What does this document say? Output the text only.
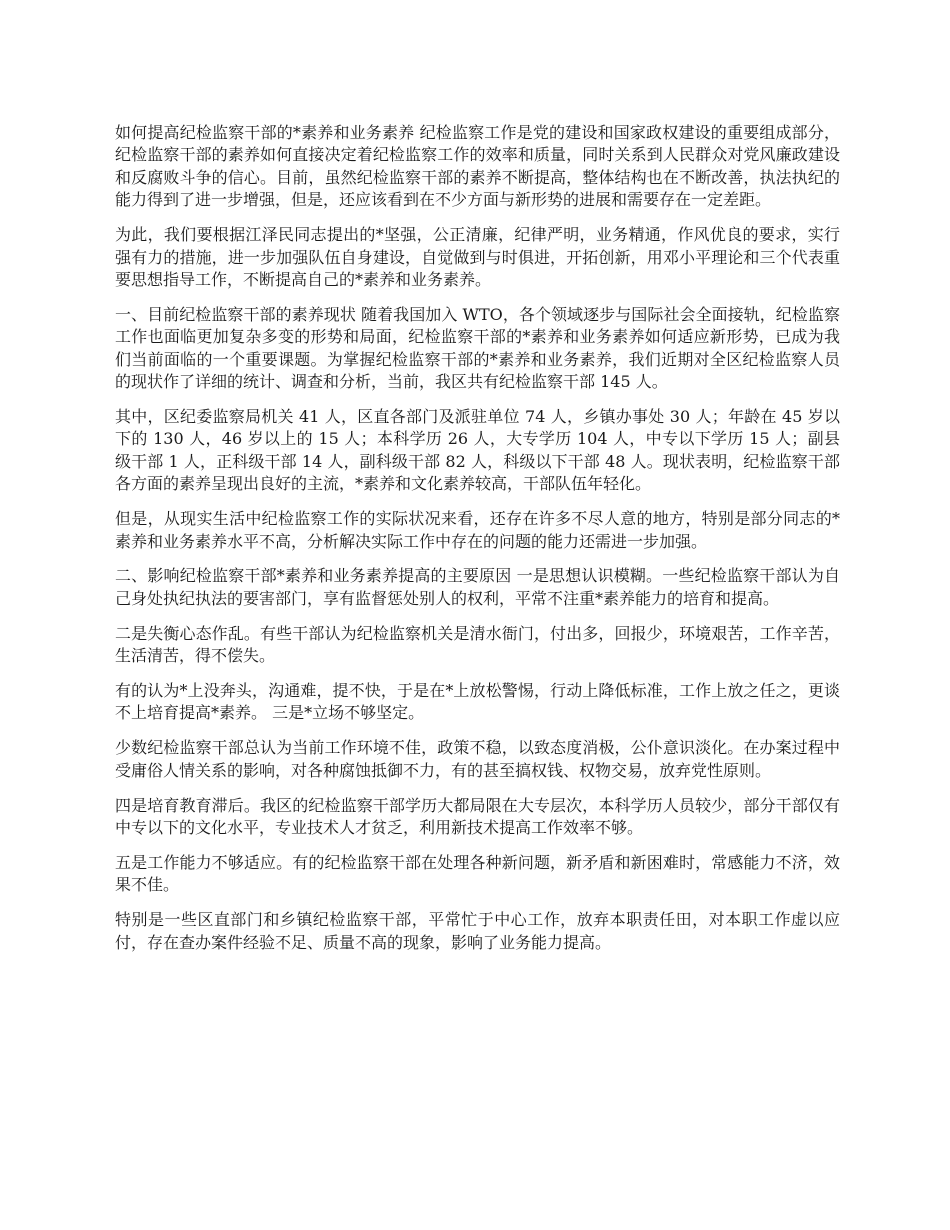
如何提高纪检监察干部的*素养和业务素养 纪检监察工作是党的建设和国家政权建设的重要组成部分，纪检监察干部的素养如何直接决定着纪检监察工作的效率和质量，同时关系到人民群众对党风廉政建设和反腐败斗争的信心。目前，虽然纪检监察干部的素养不断提高，整体结构也在不断改善，执法执纪的能力得到了进一步增强，但是，还应该看到在不少方面与新形势的进展和需要存在一定差距。

为此，我们要根据江泽民同志提出的*坚强，公正清廉，纪律严明，业务精通，作风优良的要求，实行强有力的措施，进一步加强队伍自身建设，自觉做到与时俱进，开拓创新，用邓小平理论和三个代表重要思想指导工作，不断提高自己的*素养和业务素养。

一、目前纪检监察干部的素养现状 随着我国加入 WTO，各个领域逐步与国际社会全面接轨，纪检监察工作也面临更加复杂多变的形势和局面，纪检监察干部的*素养和业务素养如何适应新形势，已成为我们当前面临的一个重要课题。为掌握纪检监察干部的*素养和业务素养，我们近期对全区纪检监察人员的现状作了详细的统计、调查和分析，当前，我区共有纪检监察干部 145 人。

其中，区纪委监察局机关 41 人，区直各部门及派驻单位 74 人，乡镇办事处 30 人；年龄在 45 岁以下的 130 人，46 岁以上的 15 人；本科学历 26 人，大专学历 104 人，中专以下学历 15 人；副县级干部 1 人，正科级干部 14 人，副科级干部 82 人，科级以下干部 48 人。现状表明，纪检监察干部各方面的素养呈现出良好的主流，*素养和文化素养较高，干部队伍年轻化。

但是，从现实生活中纪检监察工作的实际状况来看，还存在许多不尽人意的地方，特别是部分同志的*素养和业务素养水平不高，分析解决实际工作中存在的问题的能力还需进一步加强。

二、影响纪检监察干部*素养和业务素养提高的主要原因 一是思想认识模糊。一些纪检监察干部认为自己身处执纪执法的要害部门，享有监督惩处别人的权利，平常不注重*素养能力的培育和提高。

二是失衡心态作乱。有些干部认为纪检监察机关是清水衙门，付出多，回报少，环境艰苦，工作辛苦，生活清苦，得不偿失。

有的认为*上没奔头，沟通难，提不快，于是在*上放松警惕，行动上降低标准，工作上放之任之，更谈不上培育提高*素养。 三是*立场不够坚定。

少数纪检监察干部总认为当前工作环境不佳，政策不稳，以致态度消极，公仆意识淡化。在办案过程中受庸俗人情关系的影响，对各种腐蚀抵御不力，有的甚至搞权钱、权物交易，放弃党性原则。

四是培育教育滞后。我区的纪检监察干部学历大都局限在大专层次，本科学历人员较少，部分干部仅有中专以下的文化水平，专业技术人才贫乏，利用新技术提高工作效率不够。

五是工作能力不够适应。有的纪检监察干部在处理各种新问题，新矛盾和新困难时，常感能力不济，效果不佳。

特别是一些区直部门和乡镇纪检监察干部，平常忙于中心工作，放弃本职责任田，对本职工作虚以应付，存在查办案件经验不足、质量不高的现象，影响了业务能力提高。
